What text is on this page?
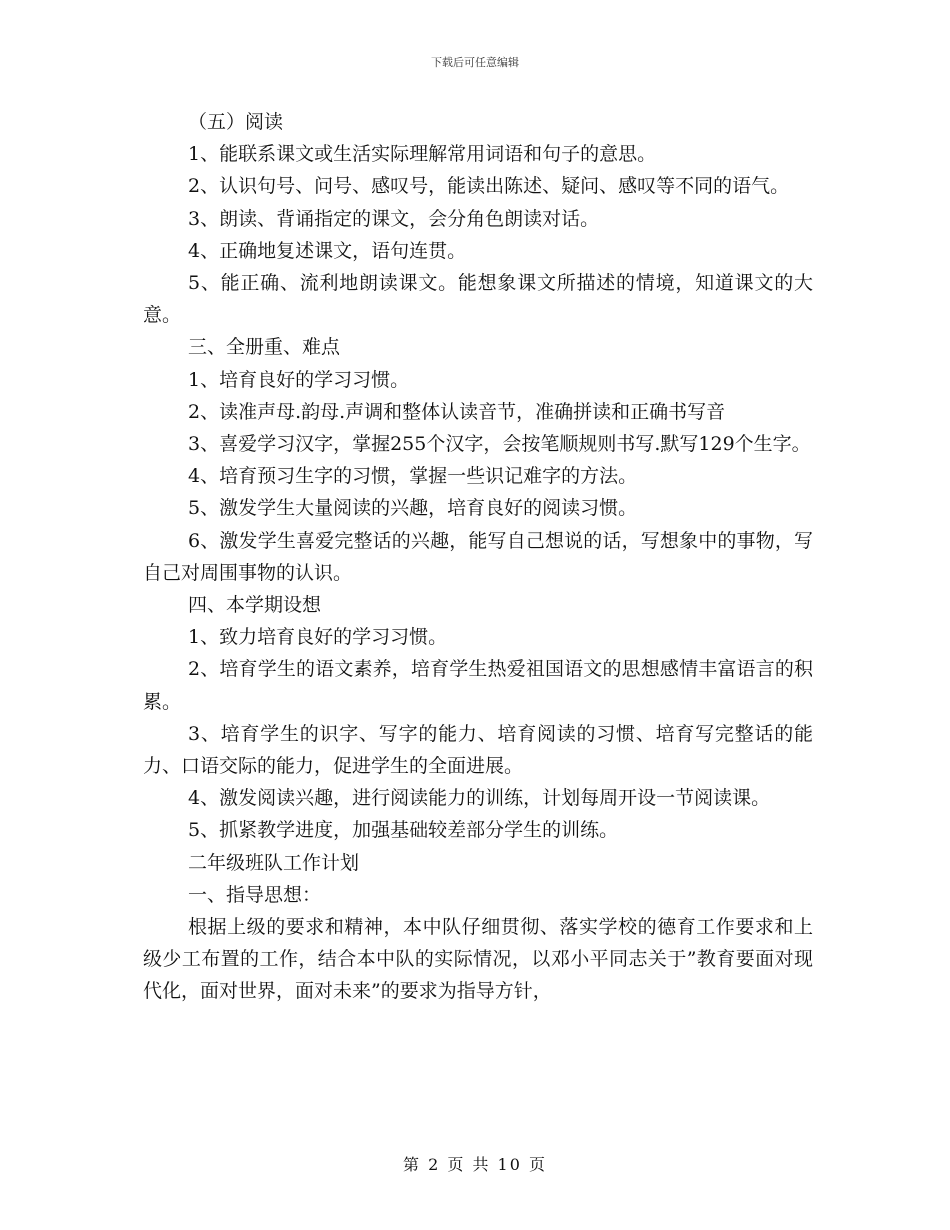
下载后可任意编辑

（五）阅读

1、能联系课文或生活实际理解常用词语和句子的意思。

2、认识句号、问号、感叹号，能读出陈述、疑问、感叹等不同的语气。

3、朗读、背诵指定的课文，会分角色朗读对话。

4、正确地复述课文，语句连贯。

5、能正确、流利地朗读课文。能想象课文所描述的情境，知道课文的大意。

三、全册重、难点

1、培育良好的学习习惯。

2、读准声母.韵母.声调和整体认读音节，准确拼读和正确书写音

3、喜爱学习汉字，掌握255个汉字，会按笔顺规则书写.默写129个生字。

4、培育预习生字的习惯，掌握一些识记难字的方法。

5、激发学生大量阅读的兴趣，培育良好的阅读习惯。

6、激发学生喜爱完整话的兴趣，能写自己想说的话，写想象中的事物，写自己对周围事物的认识。

四、本学期设想

1、致力培育良好的学习习惯。

2、培育学生的语文素养，培育学生热爱祖国语文的思想感情丰富语言的积累。

3、培育学生的识字、写字的能力、培育阅读的习惯、培育写完整话的能力、口语交际的能力，促进学生的全面进展。

4、激发阅读兴趣，进行阅读能力的训练，计划每周开设一节阅读课。

5、抓紧教学进度，加强基础较差部分学生的训练。

二年级班队工作计划

一、指导思想：

根据上级的要求和精神，本中队仔细贯彻、落实学校的德育工作要求和上级少工布置的工作，结合本中队的实际情况，以邓小平同志关于”教育要面对现代化，面对世界，面对未来”的要求为指导方针，

第 2 页 共 10 页
